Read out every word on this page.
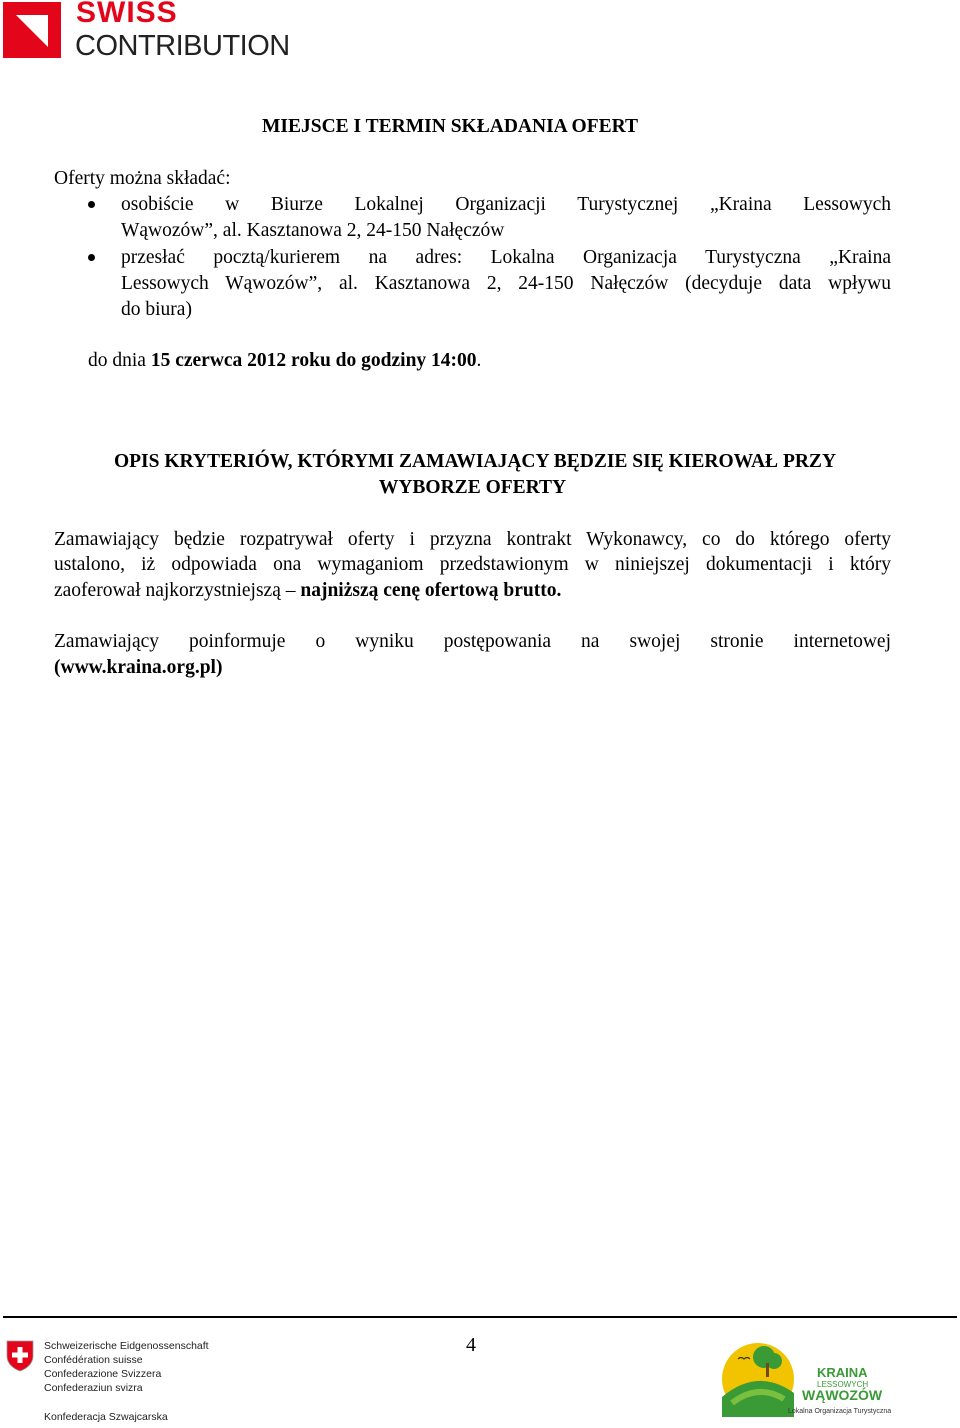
SWISS
CONTRIBUTION
MIEJSCE I TERMIN SKŁADANIA OFERT
Oferty można składać:
osobiście w Biurze Lokalnej Organizacji Turystycznej „Kraina Lessowych
Wąwozów”, al. Kasztanowa 2, 24-150 Nałęczów
przesłać pocztą/kurierem na adres: Lokalna Organizacja Turystyczna „Kraina
Lessowych Wąwozów”, al. Kasztanowa 2, 24-150 Nałęczów (decyduje data wpływu
do biura)
do dnia 15 czerwca 2012 roku do godziny 14:00.
OPIS KRYTERIÓW, KTÓRYMI ZAMAWIAJĄCY BĘDZIE SIĘ KIEROWAŁ PRZY
WYBORZE OFERTY
Zamawiający będzie rozpatrywał oferty i przyzna kontrakt Wykonawcy, co do którego oferty
ustalono, iż odpowiada ona wymaganiom przedstawionym w niniejszej dokumentacji i który
zaoferował najkorzystniejszą – najniższą cenę ofertową brutto.
Zamawiający poinformuje o wyniku postępowania na swojej stronie internetowej
(www.kraina.org.pl)
Schweizerische Eidgenossenschaft
Confédération suisse
Confederazione Svizzera
Confederaziun svizra
Konfederacja Szwajcarska
4
KRAINA
LESSOWYCH
WĄWOZÓW
Lokalna Organizacja Turystyczna
